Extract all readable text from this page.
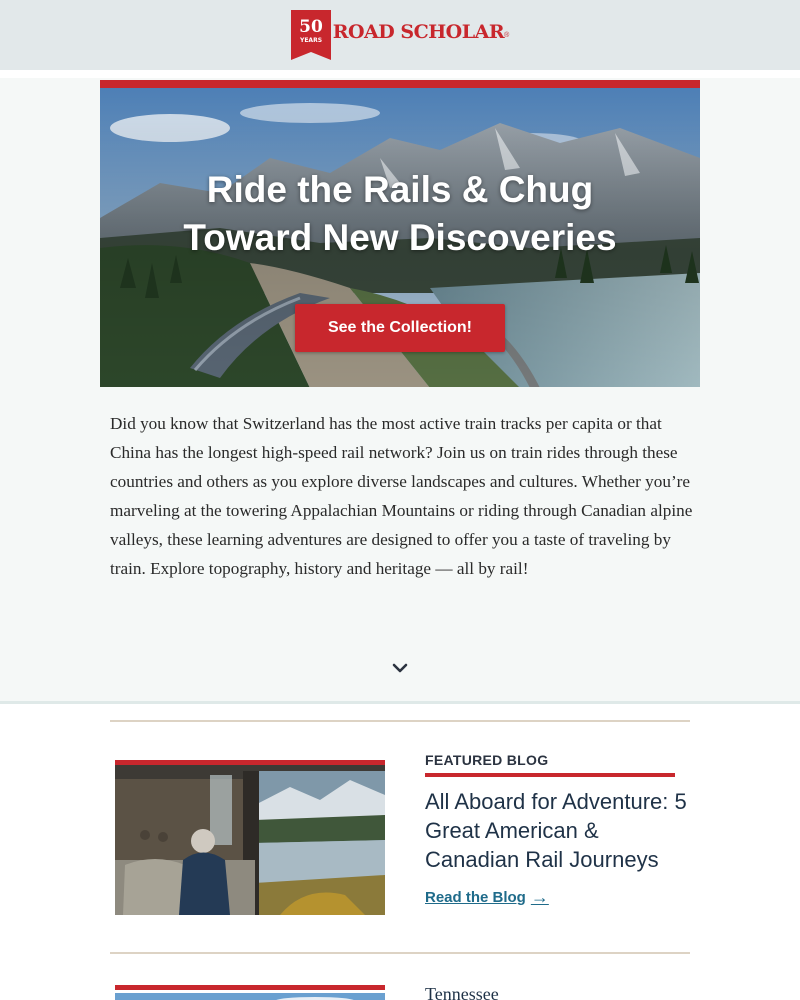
50
YEARS ROAD SCHOLAR ®
Ride the Rails & Chug
Toward New Discoveries
See the Collection!

Did you know that Switzerland has the most active train tracks per capita or that China has the longest high-speed rail network? Join us on train rides through these countries and others as you explore diverse landscapes and cultures. Whether you’re marveling at the towering Appalachian Mountains or riding through Canadian alpine valleys, these learning adventures are designed to offer you a taste of traveling by train. Explore topography, history and heritage — all by rail!

FEATURED BLOG
All Aboard for Adventure: 5 Great American & Canadian Rail Journeys
Read the Blog →
Tennessee
